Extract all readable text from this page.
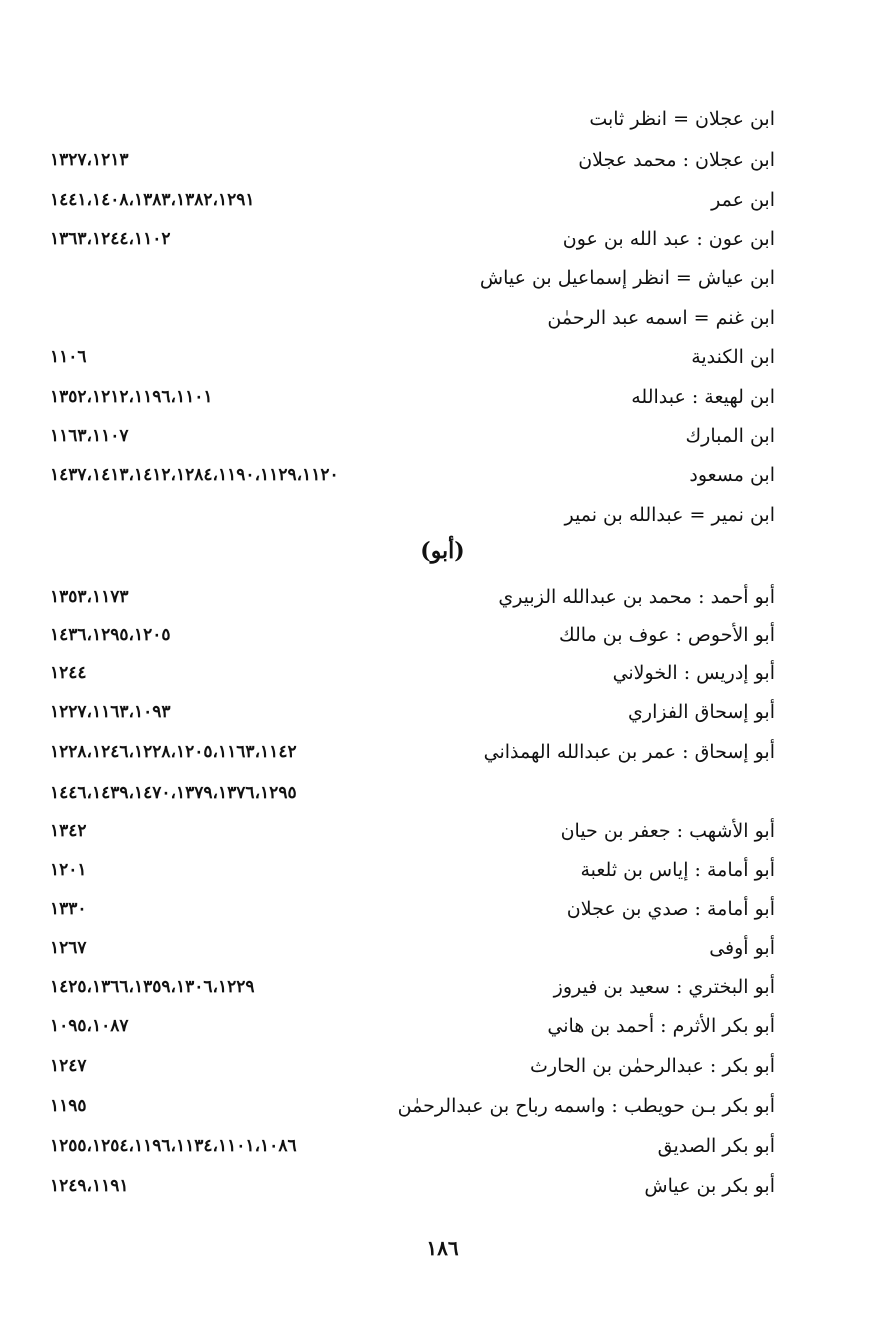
ابن عجلان = انظر ثابت
ابن عجلان : محمد عجلان
١٣٢٧،١٢١٣
ابن عمر
١٤٤١،١٤٠٨،١٣٨٣،١٣٨٢،١٢٩١
ابن عون : عبد الله بن عون
١٣٦٣،١٢٤٤،١١٠٢
ابن عياش = انظر إسماعيل بن عياش
ابن غنم = اسمه عبد الرحمٰن
ابن الكندية
١١٠٦
ابن لهيعة : عبدالله
١٣٥٢،١٢١٢،١١٩٦،١١٠١
ابن المبارك
١١٦٣،١١٠٧
ابن مسعود
١٤٣٧،١٤١٣،١٤١٢،١٢٨٤،١١٩٠،١١٢٩،١١٢٠
ابن نمير = عبدالله بن نمير
(أبو)
أبو أحمد : محمد بن عبدالله الزبيري
١٣٥٣،١١٧٣
أبو الأحوص : عوف بن مالك
١٤٣٦،١٢٩٥،١٢٠٥
أبو إدريس : الخولاني
١٢٤٤
أبو إسحاق الفزاري
١٢٢٧،١١٦٣،١٠٩٣
أبو إسحاق : عمر بن عبدالله الهمذاني
١٢٢٨،١٢٤٦،١٢٢٨،١٢٠٥،١١٦٣،١١٤٢
١٤٤٦،١٤٣٩،١٤٧٠،١٣٧٩،١٣٧٦،١٢٩٥
أبو الأشهب : جعفر بن حيان
١٣٤٢
أبو أمامة : إياس بن ثلعبة
١٢٠١
أبو أمامة : صدي بن عجلان
١٣٣٠
أبو أوفى
١٢٦٧
أبو البختري : سعيد بن فيروز
١٤٢٥،١٣٦٦،١٣٥٩،١٣٠٦،١٢٢٩
أبو بكر الأثرم : أحمد بن هاني
١٠٩٥،١٠٨٧
أبو بكر : عبدالرحمٰن بن الحارث
١٢٤٧
أبو بكر بـن حويطب : واسمه رباح بن عبدالرحمٰن
١١٩٥
أبو بكر الصديق
١٢٥٥،١٢٥٤،١١٩٦،١١٣٤،١١٠١،١٠٨٦
أبو بكر بن عياش
١٢٤٩،١١٩١
١٨٦
